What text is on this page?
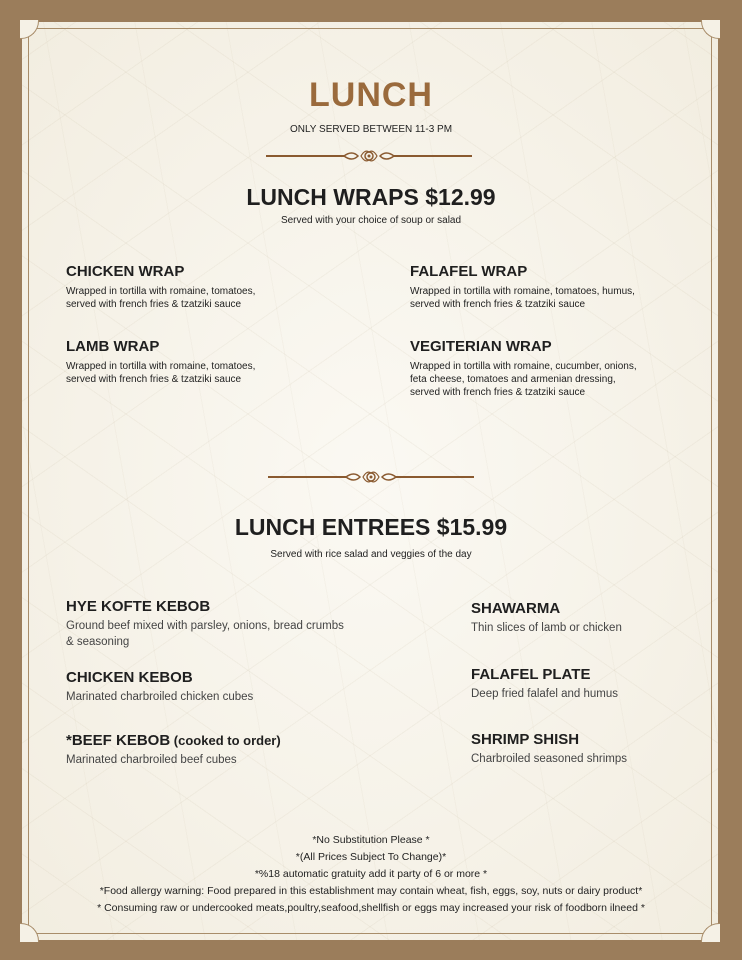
LUNCH
ONLY SERVED BETWEEN 11-3 PM
LUNCH WRAPS $12.99
Served with your choice of soup or salad
CHICKEN WRAP
Wrapped in tortilla with romaine, tomatoes,
served with french fries & tzatziki sauce
FALAFEL WRAP
Wrapped in tortilla with romaine, tomatoes, humus,
served with french fries & tzatziki sauce
LAMB WRAP
Wrapped in tortilla with romaine, tomatoes,
served with french fries & tzatziki sauce
VEGITERIAN WRAP
Wrapped in tortilla with romaine, cucumber, onions,
feta cheese, tomatoes and armenian dressing,
served with french fries & tzatziki sauce
LUNCH ENTREES $15.99
Served with rice salad and veggies of the day
HYE KOFTE KEBOB
Ground beef mixed with parsley, onions, bread crumbs
& seasoning
SHAWARMA
Thin slices of lamb or chicken
CHICKEN KEBOB
Marinated charbroiled chicken cubes
FALAFEL PLATE
Deep fried falafel and humus
*BEEF KEBOB (cooked to order)
Marinated charbroiled beef cubes
SHRIMP SHISH
Charbroiled seasoned shrimps
*No Substitution Please *
*(All Prices Subject To Change)*
*%18 automatic gratuity add it party of 6 or more *
*Food allergy warning: Food prepared in this establishment may contain wheat, fish, eggs, soy, nuts or dairy product*
* Consuming raw or undercooked meats,poultry,seafood,shellfish or eggs may increased your risk of foodborn ilneed *
